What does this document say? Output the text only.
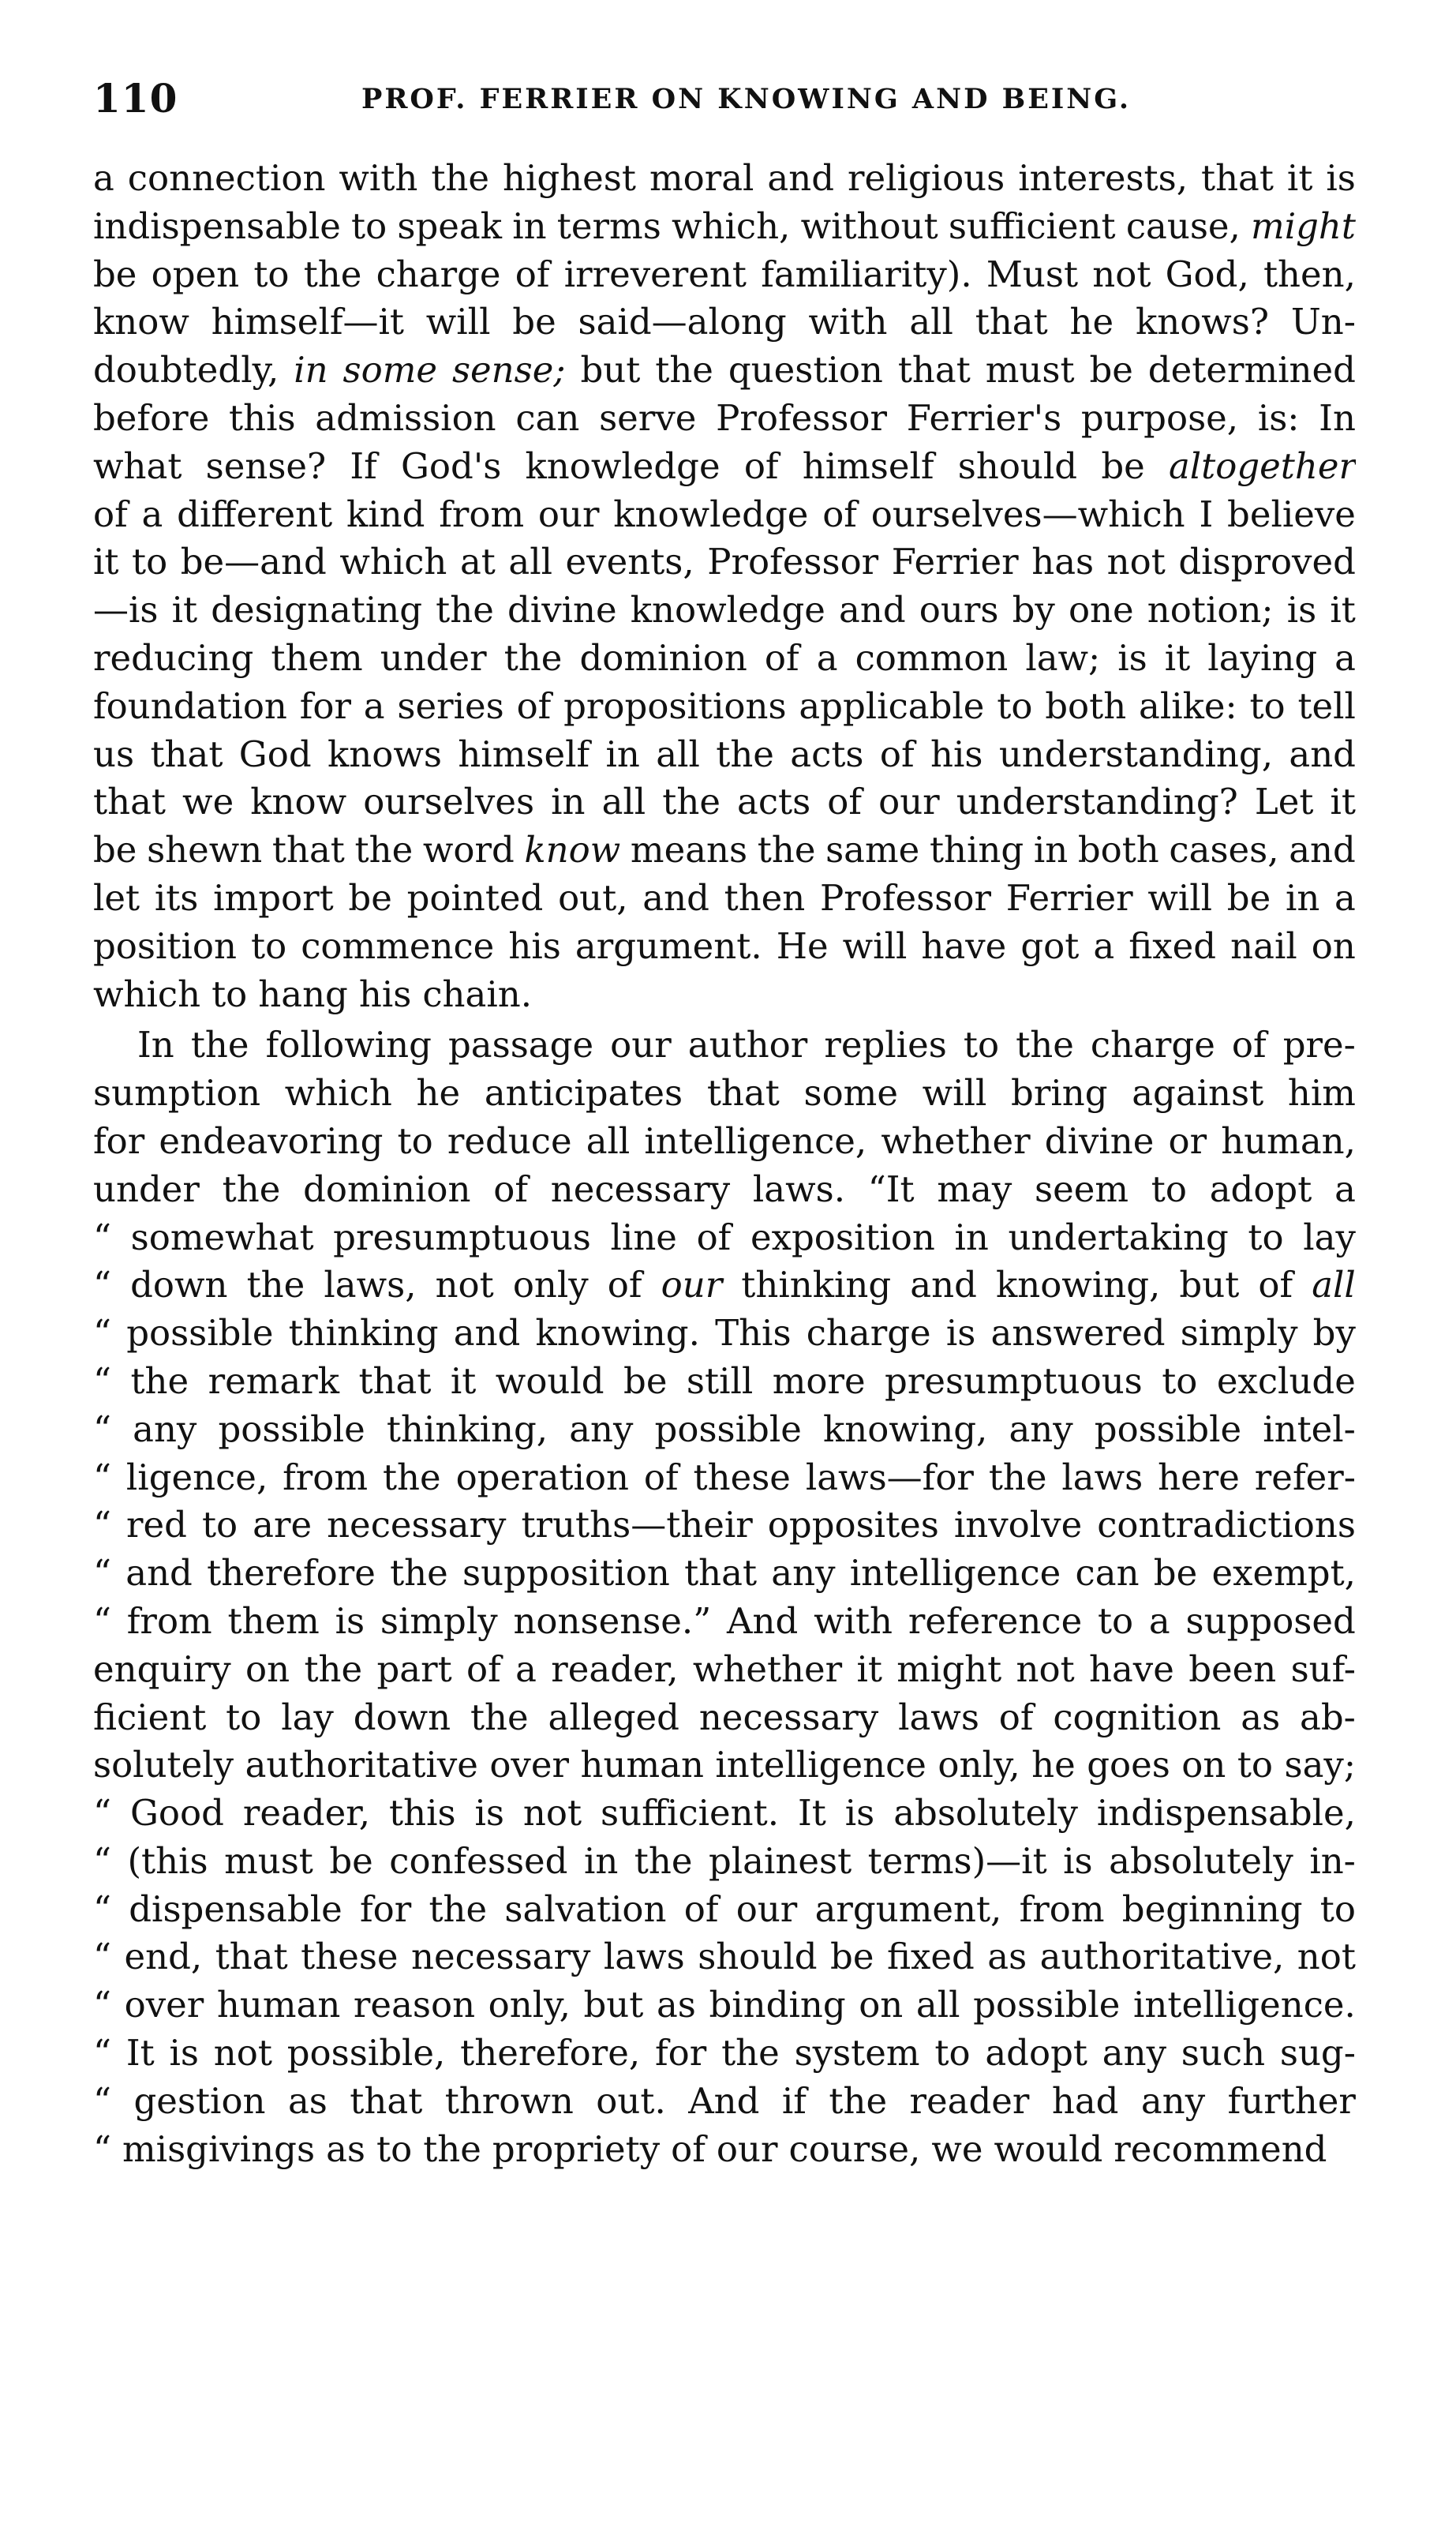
110	PROF. FERRIER ON KNOWING AND BEING.
a connection with the highest moral and religious interests, that it is
indispensable to speak in terms which, without sufficient cause, might
be open to the charge of irreverent familiarity). Must not God, then,
know himself—it will be said—along with all that he knows? Un-
doubtedly, in some sense; but the question that must be determined
before this admission can serve Professor Ferrier's purpose, is: In
what sense? If God's knowledge of himself should be altogether
of a different kind from our knowledge of ourselves—which I believe
it to be—and which at all events, Professor Ferrier has not disproved
—is it designating the divine knowledge and ours by one notion; is it
reducing them under the dominion of a common law; is it laying a
foundation for a series of propositions applicable to both alike: to tell
us that God knows himself in all the acts of his understanding, and
that we know ourselves in all the acts of our understanding? Let it
be shewn that the word know means the same thing in both cases, and
let its import be pointed out, and then Professor Ferrier will be in a
position to commence his argument. He will have got a fixed nail on
which to hang his chain.
In the following passage our author replies to the charge of pre-
sumption which he anticipates that some will bring against him
for endeavoring to reduce all intelligence, whether divine or human,
under the dominion of necessary laws. “It may seem to adopt a
“ somewhat presumptuous line of exposition in undertaking to lay
“ down the laws, not only of our thinking and knowing, but of all
“ possible thinking and knowing. This charge is answered simply by
“ the remark that it would be still more presumptuous to exclude
“ any possible thinking, any possible knowing, any possible intel-
“ ligence, from the operation of these laws—for the laws here refer-
“ red to are necessary truths—their opposites involve contradictions
“ and therefore the supposition that any intelligence can be exempt,
“ from them is simply nonsense.” And with reference to a supposed
enquiry on the part of a reader, whether it might not have been suf-
ficient to lay down the alleged necessary laws of cognition as ab-
solutely authoritative over human intelligence only, he goes on to say;
“ Good reader, this is not sufficient. It is absolutely indispensable,
“ (this must be confessed in the plainest terms)—it is absolutely in-
“ dispensable for the salvation of our argument, from beginning to
“ end, that these necessary laws should be fixed as authoritative, not
“ over human reason only, but as binding on all possible intelligence.
“ It is not possible, therefore, for the system to adopt any such sug-
“ gestion as that thrown out. And if the reader had any further
“ misgivings as to the propriety of our course, we would recommend
